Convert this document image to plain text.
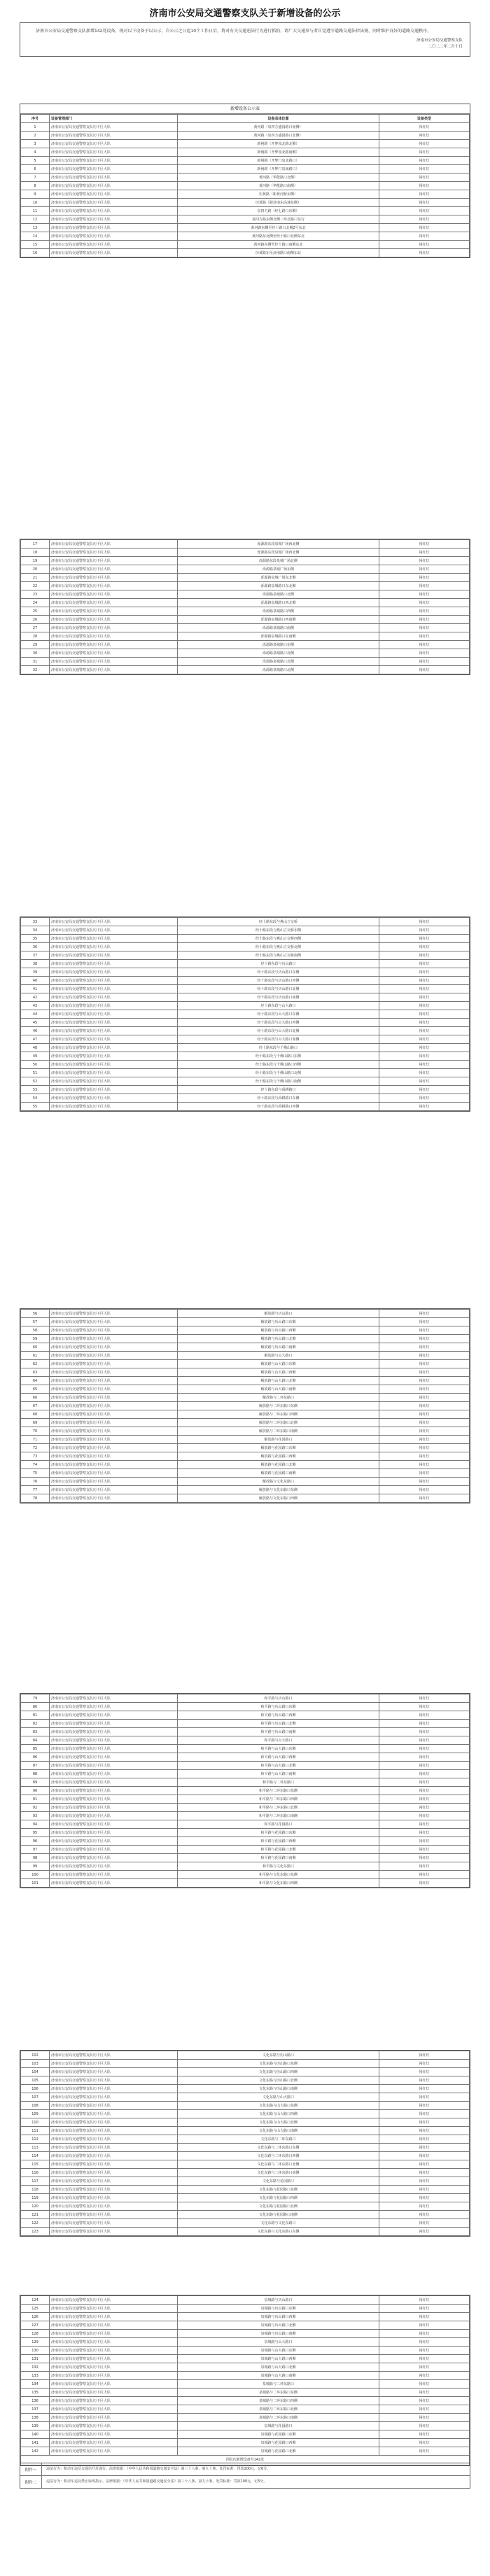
济南市公安局交通警察支队关于新增设备的公示

济南市公安局交通警察支队新增142处设备，现对以下设备予以公示，自公示之日起10个工作日后，将对有关交通违法行为进行抓拍，请广大交通参与者自觉遵守道路交通法律法规，同时维护良好的道路交通秩序。

济南市公安局交通警察支队
二〇二二年二月十日
新增设备公示表
序号	设备管理部门	设备具体位置	设备类型
1	济南市公安局交通警察支队历下区大队	黄河路（泉四方盛园路口南侧）	闯红灯
2	济南市公安局交通警察支队历下区大队	黄河路（泉四方盛园路口北侧）	闯红灯
3	济南市公安局交通警察支队历下区大队	新闸路（开梦园北路北侧）	闯红灯
4	济南市公安局交通警察支队历下区大队	新闸路（开梦园北路南侧）	闯红灯
5	济南市公安局交通警察支队历下区大队	新闸路（开梦门泉北路口）	闯红灯
6	济南市公安局交通警察支队历下区大队	新闸路（开梦门泉南路口）	闯红灯
7	济南市公安局交通警察支队历下区大队	黄河路（华能路口北侧）	闯红灯
8	济南市公安局交通警察支队历下区大队	黄河路（华能路口南侧）	闯红灯
9	济南市公安局交通警察支队历下区大队	历黄路（距黄河桥东侧）	闯红灯
10	济南市公安局交通警察支队历下区大队	历黄路（距济南东高速东侧）	闯红灯
11	济南市公安局交通警察支队历下区大队	泉四方路（经七路口东侧）	闯红灯
12	济南市公安局交通警察支队历下区大队	泉四方路东侧北侧三环北路口东行	闯红灯
13	济南市公安局交通警察支队历下区大队	黄河路东侧至经十路口北侧2号东北	闯红灯
14	济南市公安局交通警察支队历下区大队	黄河路东北侧至经十路口北侧东北	闯红灯
15	济南市公安局交通警察支队历下区大队	黄河路东侧至经十路口南侧东北	闯红灯
16	济南市公安局交通警察支队历下区大队	历黄路东至济南路口南侧东北	闯红灯
17	济南市公安局交通警察支队历下区大队	泺源路东段泉城广场西北侧	闯红灯
18	济南市公安局交通警察支队历下区大队	泺源路东段泉城广场西北侧	闯红灯
19	济南市公安局交通警察支队历下区大队	泺源路东段泉城广场北侧	闯红灯
20	济南市公安局交通警察支队历下区大队	泺源路泉城广场东侧	闯红灯
21	济南市公安局交通警察支队历下区大队	泺源路泉城广场东北侧	闯红灯
22	济南市公安局交通警察支队历下区大队	泺源路泉城路口东北侧	闯红灯
23	济南市公安局交通警察支队历下区大队	泺源路泉城路口北侧	闯红灯
24	济南市公安局交通警察支队历下区大队	泺源路泉城路口西北侧	闯红灯
25	济南市公安局交通警察支队历下区大队	泺源路泉城路口西侧	闯红灯
26	济南市公安局交通警察支队历下区大队	泺源路泉城路口西南侧	闯红灯
27	济南市公安局交通警察支队历下区大队	泺源路泉城路口南侧	闯红灯
28	济南市公安局交通警察支队历下区大队	泺源路泉城路口东南侧	闯红灯
29	济南市公安局交通警察支队历下区大队	泺源路泉城路口东侧	闯红灯
30	济南市公安局交通警察支队历下区大队	泺源路泉城路口北侧	闯红灯
31	济南市公安局交通警察支队历下区大队	泺源路泉城路口北侧	闯红灯
32	济南市公安局交通警察支队历下区大队	泺源路泉城路口北侧	闯红灯
33	济南市公安局交通警察支队历下区大队	经十路东段与燕山立交桥	闯红灯
34	济南市公安局交通警察支队历下区大队	经十路东段与燕山立交桥东侧	闯红灯
35	济南市公安局交通警察支队历下区大队	经十路东段与燕山立交桥西侧	闯红灯
36	济南市公安局交通警察支队历下区大队	经十路东段与燕山立交桥北侧	闯红灯
37	济南市公安局交通警察支队历下区大队	经十路东段与燕山立交桥南侧	闯红灯
38	济南市公安局交通警察支队历下区大队	经十路东段与历山路口	闯红灯
39	济南市公安局交通警察支队历下区大队	经十路东段与历山路口东侧	闯红灯
40	济南市公安局交通警察支队历下区大队	经十路东段与历山路口西侧	闯红灯
41	济南市公安局交通警察支队历下区大队	经十路东段与历山路口北侧	闯红灯
42	济南市公安局交通警察支队历下区大队	经十路东段与历山路口南侧	闯红灯
43	济南市公安局交通警察支队历下区大队	经十路东段与山大路口	闯红灯
44	济南市公安局交通警察支队历下区大队	经十路东段与山大路口东侧	闯红灯
45	济南市公安局交通警察支队历下区大队	经十路东段与山大路口西侧	闯红灯
46	济南市公安局交通警察支队历下区大队	经十路东段与山大路口北侧	闯红灯
47	济南市公安局交通警察支队历下区大队	经十路东段与山大路口南侧	闯红灯
48	济南市公安局交通警察支队历下区大队	经十路东段与千佛山路口	闯红灯
49	济南市公安局交通警察支队历下区大队	经十路东段与千佛山路口东侧	闯红灯
50	济南市公安局交通警察支队历下区大队	经十路东段与千佛山路口西侧	闯红灯
51	济南市公安局交通警察支队历下区大队	经十路东段与千佛山路口北侧	闯红灯
52	济南市公安局交通警察支队历下区大队	经十路东段与千佛山路口南侧	闯红灯
53	济南市公安局交通警察支队历下区大队	经十路东段与舜耕路口	闯红灯
54	济南市公安局交通警察支队历下区大队	经十路东段与舜耕路口东侧	闯红灯
55	济南市公安局交通警察支队历下区大队	经十路东段与舜耕路口西侧	闯红灯
56	济南市公安局交通警察支队历下区大队	解放路与历山路口	闯红灯
57	济南市公安局交通警察支队历下区大队	解放路与历山路口东侧	闯红灯
58	济南市公安局交通警察支队历下区大队	解放路与历山路口西侧	闯红灯
59	济南市公安局交通警察支队历下区大队	解放路与历山路口北侧	闯红灯
60	济南市公安局交通警察支队历下区大队	解放路与历山路口南侧	闯红灯
61	济南市公安局交通警察支队历下区大队	解放路与山大路口	闯红灯
62	济南市公安局交通警察支队历下区大队	解放路与山大路口东侧	闯红灯
63	济南市公安局交通警察支队历下区大队	解放路与山大路口西侧	闯红灯
64	济南市公安局交通警察支队历下区大队	解放路与山大路口北侧	闯红灯
65	济南市公安局交通警察支队历下区大队	解放路与山大路口南侧	闯红灯
66	济南市公安局交通警察支队历下区大队	解放路与二环东路口	闯红灯
67	济南市公安局交通警察支队历下区大队	解放路与二环东路口东侧	闯红灯
68	济南市公安局交通警察支队历下区大队	解放路与二环东路口西侧	闯红灯
69	济南市公安局交通警察支队历下区大队	解放路与二环东路口北侧	闯红灯
70	济南市公安局交通警察支队历下区大队	解放路与二环东路口南侧	闯红灯
71	济南市公安局交通警察支队历下区大队	解放路与花园路口	闯红灯
72	济南市公安局交通警察支队历下区大队	解放路与花园路口东侧	闯红灯
73	济南市公安局交通警察支队历下区大队	解放路与花园路口西侧	闯红灯
74	济南市公安局交通警察支队历下区大队	解放路与花园路口北侧	闯红灯
75	济南市公安局交通警察支队历下区大队	解放路与花园路口南侧	闯红灯
76	济南市公安局交通警察支队历下区大队	解放路与文化东路口	闯红灯
77	济南市公安局交通警察支队历下区大队	解放路与文化东路口东侧	闯红灯
78	济南市公安局交通警察支队历下区大队	解放路与文化东路口西侧	闯红灯
79	济南市公安局交通警察支队历下区大队	和平路与历山路口	闯红灯
80	济南市公安局交通警察支队历下区大队	和平路与历山路口东侧	闯红灯
81	济南市公安局交通警察支队历下区大队	和平路与历山路口西侧	闯红灯
82	济南市公安局交通警察支队历下区大队	和平路与历山路口北侧	闯红灯
83	济南市公安局交通警察支队历下区大队	和平路与历山路口南侧	闯红灯
84	济南市公安局交通警察支队历下区大队	和平路与山大路口	闯红灯
85	济南市公安局交通警察支队历下区大队	和平路与山大路口东侧	闯红灯
86	济南市公安局交通警察支队历下区大队	和平路与山大路口西侧	闯红灯
87	济南市公安局交通警察支队历下区大队	和平路与山大路口北侧	闯红灯
88	济南市公安局交通警察支队历下区大队	和平路与山大路口南侧	闯红灯
89	济南市公安局交通警察支队历下区大队	和平路与二环东路口	闯红灯
90	济南市公安局交通警察支队历下区大队	和平路与二环东路口东侧	闯红灯
91	济南市公安局交通警察支队历下区大队	和平路与二环东路口西侧	闯红灯
92	济南市公安局交通警察支队历下区大队	和平路与二环东路口北侧	闯红灯
93	济南市公安局交通警察支队历下区大队	和平路与二环东路口南侧	闯红灯
94	济南市公安局交通警察支队历下区大队	和平路与花园路口	闯红灯
95	济南市公安局交通警察支队历下区大队	和平路与花园路口东侧	闯红灯
96	济南市公安局交通警察支队历下区大队	和平路与花园路口西侧	闯红灯
97	济南市公安局交通警察支队历下区大队	和平路与花园路口北侧	闯红灯
98	济南市公安局交通警察支队历下区大队	和平路与花园路口南侧	闯红灯
99	济南市公安局交通警察支队历下区大队	和平路与文化东路口	闯红灯
100	济南市公安局交通警察支队历下区大队	和平路与文化东路口东侧	闯红灯
101	济南市公安局交通警察支队历下区大队	和平路与文化东路口西侧	闯红灯
102	济南市公安局交通警察支队历下区大队	文化东路与历山路口	闯红灯
103	济南市公安局交通警察支队历下区大队	文化东路与历山路口东侧	闯红灯
104	济南市公安局交通警察支队历下区大队	文化东路与历山路口西侧	闯红灯
105	济南市公安局交通警察支队历下区大队	文化东路与历山路口北侧	闯红灯
106	济南市公安局交通警察支队历下区大队	文化东路与历山路口南侧	闯红灯
107	济南市公安局交通警察支队历下区大队	文化东路与山大路口	闯红灯
108	济南市公安局交通警察支队历下区大队	文化东路与山大路口东侧	闯红灯
109	济南市公安局交通警察支队历下区大队	文化东路与山大路口西侧	闯红灯
110	济南市公安局交通警察支队历下区大队	文化东路与山大路口北侧	闯红灯
111	济南市公安局交通警察支队历下区大队	文化东路与山大路口南侧	闯红灯
112	济南市公安局交通警察支队历下区大队	文化东路与二环东路口	闯红灯
113	济南市公安局交通警察支队历下区大队	文化东路与二环东路口东侧	闯红灯
114	济南市公安局交通警察支队历下区大队	文化东路与二环东路口西侧	闯红灯
115	济南市公安局交通警察支队历下区大队	文化东路与二环东路口北侧	闯红灯
116	济南市公安局交通警察支队历下区大队	文化东路与二环东路口南侧	闯红灯
117	济南市公安局交通警察支队历下区大队	文化东路与花园路口	闯红灯
118	济南市公安局交通警察支队历下区大队	文化东路与花园路口东侧	闯红灯
119	济南市公安局交通警察支队历下区大队	文化东路与花园路口西侧	闯红灯
120	济南市公安局交通警察支队历下区大队	文化东路与花园路口北侧	闯红灯
121	济南市公安局交通警察支队历下区大队	文化东路与花园路口南侧	闯红灯
122	济南市公安局交通警察支队历下区大队	文化东路与文化东路口	闯红灯
123	济南市公安局交通警察支队历下区大队	文化东路与文化东路口东侧	闯红灯
124	济南市公安局交通警察支队历下区大队	泉城路与历山路口	闯红灯
125	济南市公安局交通警察支队历下区大队	泉城路与历山路口东侧	闯红灯
126	济南市公安局交通警察支队历下区大队	泉城路与历山路口西侧	闯红灯
127	济南市公安局交通警察支队历下区大队	泉城路与历山路口北侧	闯红灯
128	济南市公安局交通警察支队历下区大队	泉城路与历山路口南侧	闯红灯
129	济南市公安局交通警察支队历下区大队	泉城路与山大路口	闯红灯
130	济南市公安局交通警察支队历下区大队	泉城路与山大路口东侧	闯红灯
131	济南市公安局交通警察支队历下区大队	泉城路与山大路口西侧	闯红灯
132	济南市公安局交通警察支队历下区大队	泉城路与山大路口北侧	闯红灯
133	济南市公安局交通警察支队历下区大队	泉城路与山大路口南侧	闯红灯
134	济南市公安局交通警察支队历下区大队	泉城路与二环东路口	闯红灯
135	济南市公安局交通警察支队历下区大队	泉城路与二环东路口东侧	闯红灯
136	济南市公安局交通警察支队历下区大队	泉城路与二环东路口西侧	闯红灯
137	济南市公安局交通警察支队历下区大队	泉城路与二环东路口北侧	闯红灯
138	济南市公安局交通警察支队历下区大队	泉城路与二环东路口南侧	闯红灯
139	济南市公安局交通警察支队历下区大队	泉城路与花园路口	闯红灯
140	济南市公安局交通警察支队历下区大队	泉城路与花园路口东侧	闯红灯
141	济南市公安局交通警察支队历下区大队	泉城路与花园路口西侧	闯红灯
142	济南市公安局交通警察支队历下区大队	泉城路与花园路口北侧	闯红灯
同批次新增设备共142处			
附件一	违法行为：机动车违反交通信号灯通行。法律依据：《中华人民共和国道路交通安全法》第三十八条、第九十条。处罚标准：罚款200元，记6分。
附件二	违法行为：机动车违反禁止标线指示。法律依据：《中华人民共和国道路交通安全法》第三十八条、第九十条。处罚标准：罚款100元，记3分。
